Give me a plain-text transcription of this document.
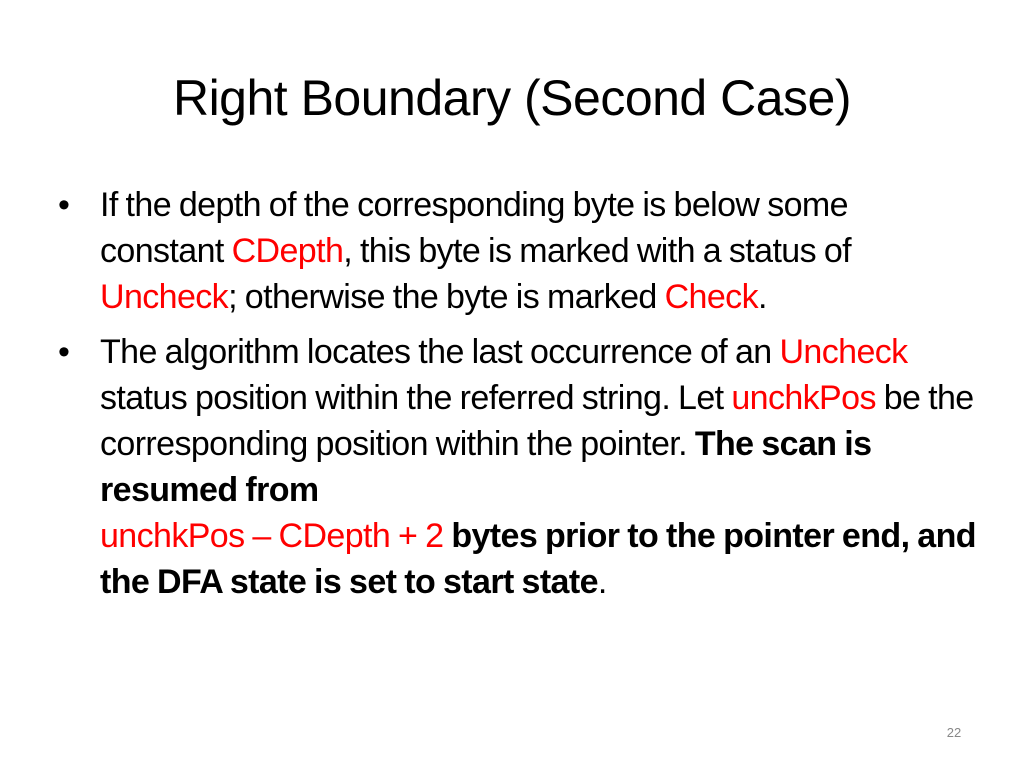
Right Boundary (Second Case)
• If the depth of the corresponding byte is below some constant CDepth, this byte is marked with a status of Uncheck; otherwise the byte is marked Check.
• The algorithm locates the last occurrence of an Uncheck status position within the referred string. Let unchkPos be the corresponding position within the pointer. The scan is resumed from
unchkPos – CDepth + 2 bytes prior to the pointer end, and the DFA state is set to start state.
22
